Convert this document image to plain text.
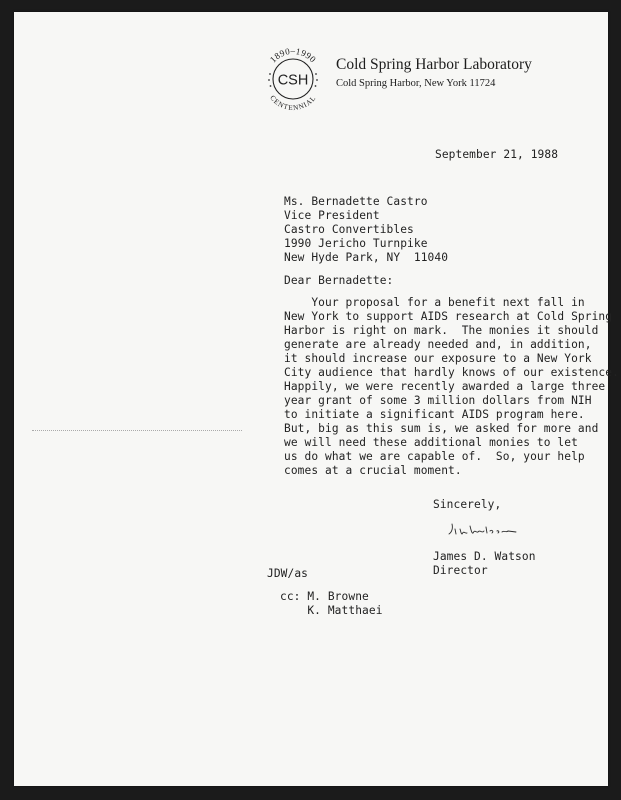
1890–1990
CENTENNIAL
CSH
Cold Spring Harbor Laboratory
Cold Spring Harbor, New York 11724
September 21, 1988
Ms. Bernadette Castro
Vice President
Castro Convertibles
1990 Jericho Turnpike
New Hyde Park, NY  11040
Dear Bernadette:
Your proposal for a benefit next fall in
New York to support AIDS research at Cold Spring
Harbor is right on mark.  The monies it should
generate are already needed and, in addition,
it should increase our exposure to a New York
City audience that hardly knows of our existence.
Happily, we were recently awarded a large three
year grant of some 3 million dollars from NIH
to initiate a significant AIDS program here.
But, big as this sum is, we asked for more and
we will need these additional monies to let
us do what we are capable of.  So, your help
comes at a crucial moment.
Sincerely,
James D. Watson
Director
JDW/as
cc: M. Browne
K. Matthaei
